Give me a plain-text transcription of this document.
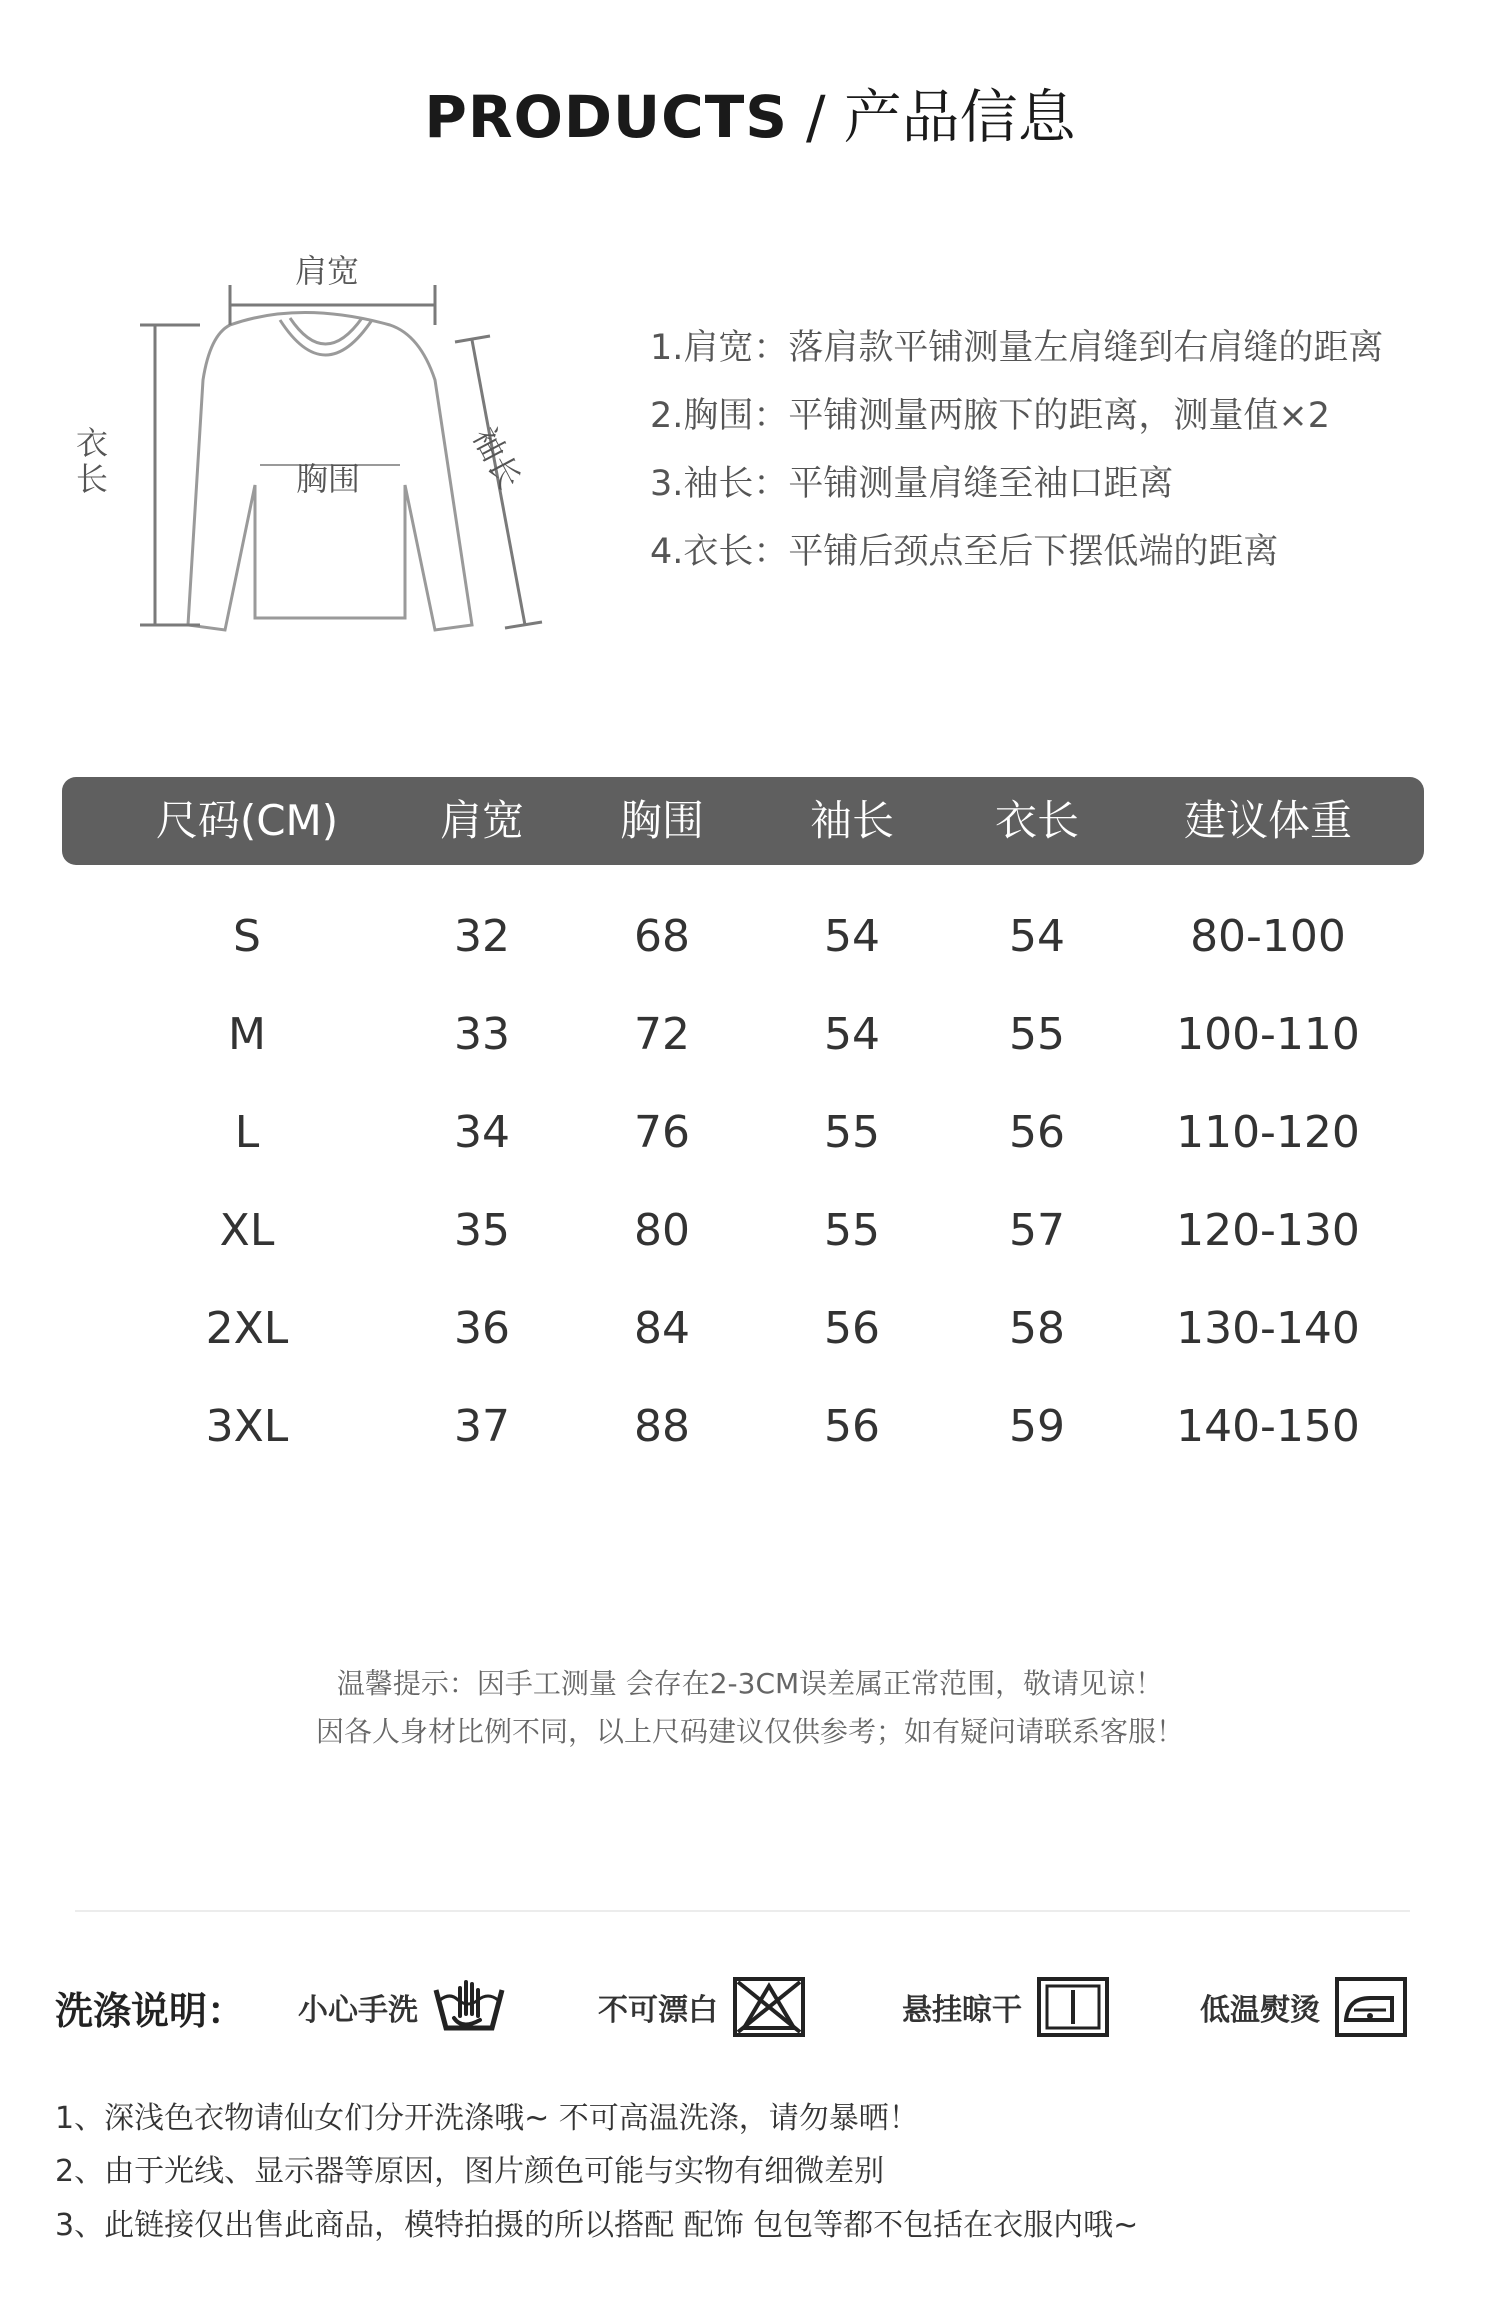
PRODUCTS / 产品信息
肩宽
胸围	袖长
衣长
1.肩宽：落肩款平铺测量左肩缝到右肩缝的距离
2.胸围：平铺测量两腋下的距离，测量值×2
3.袖长：平铺测量肩缝至袖口距离
4.衣长：平铺后颈点至后下摆低端的距离
尺码(CM)	肩宽	胸围	袖长	衣长	建议体重
S	32	68	54	54	80-100
M	33	72	54	55	100-110
L	34	76	55	56	110-120
XL	35	80	55	57	120-130
2XL	36	84	56	58	130-140
3XL	37	88	56	59	140-150
温馨提示：因手工测量 会存在2-3CM误差属正常范围，敬请见谅！
因各人身材比例不同，以上尺码建议仅供参考；如有疑问请联系客服！
洗涤说明： 小心手洗	不可漂白	悬挂晾干	低温熨烫
1、深浅色衣物请仙女们分开洗涤哦~ 不可高温洗涤，请勿暴晒！
2、由于光线、显示器等原因，图片颜色可能与实物有细微差别
3、此链接仅出售此商品，模特拍摄的所以搭配 配饰 包包等都不包括在衣服内哦~
